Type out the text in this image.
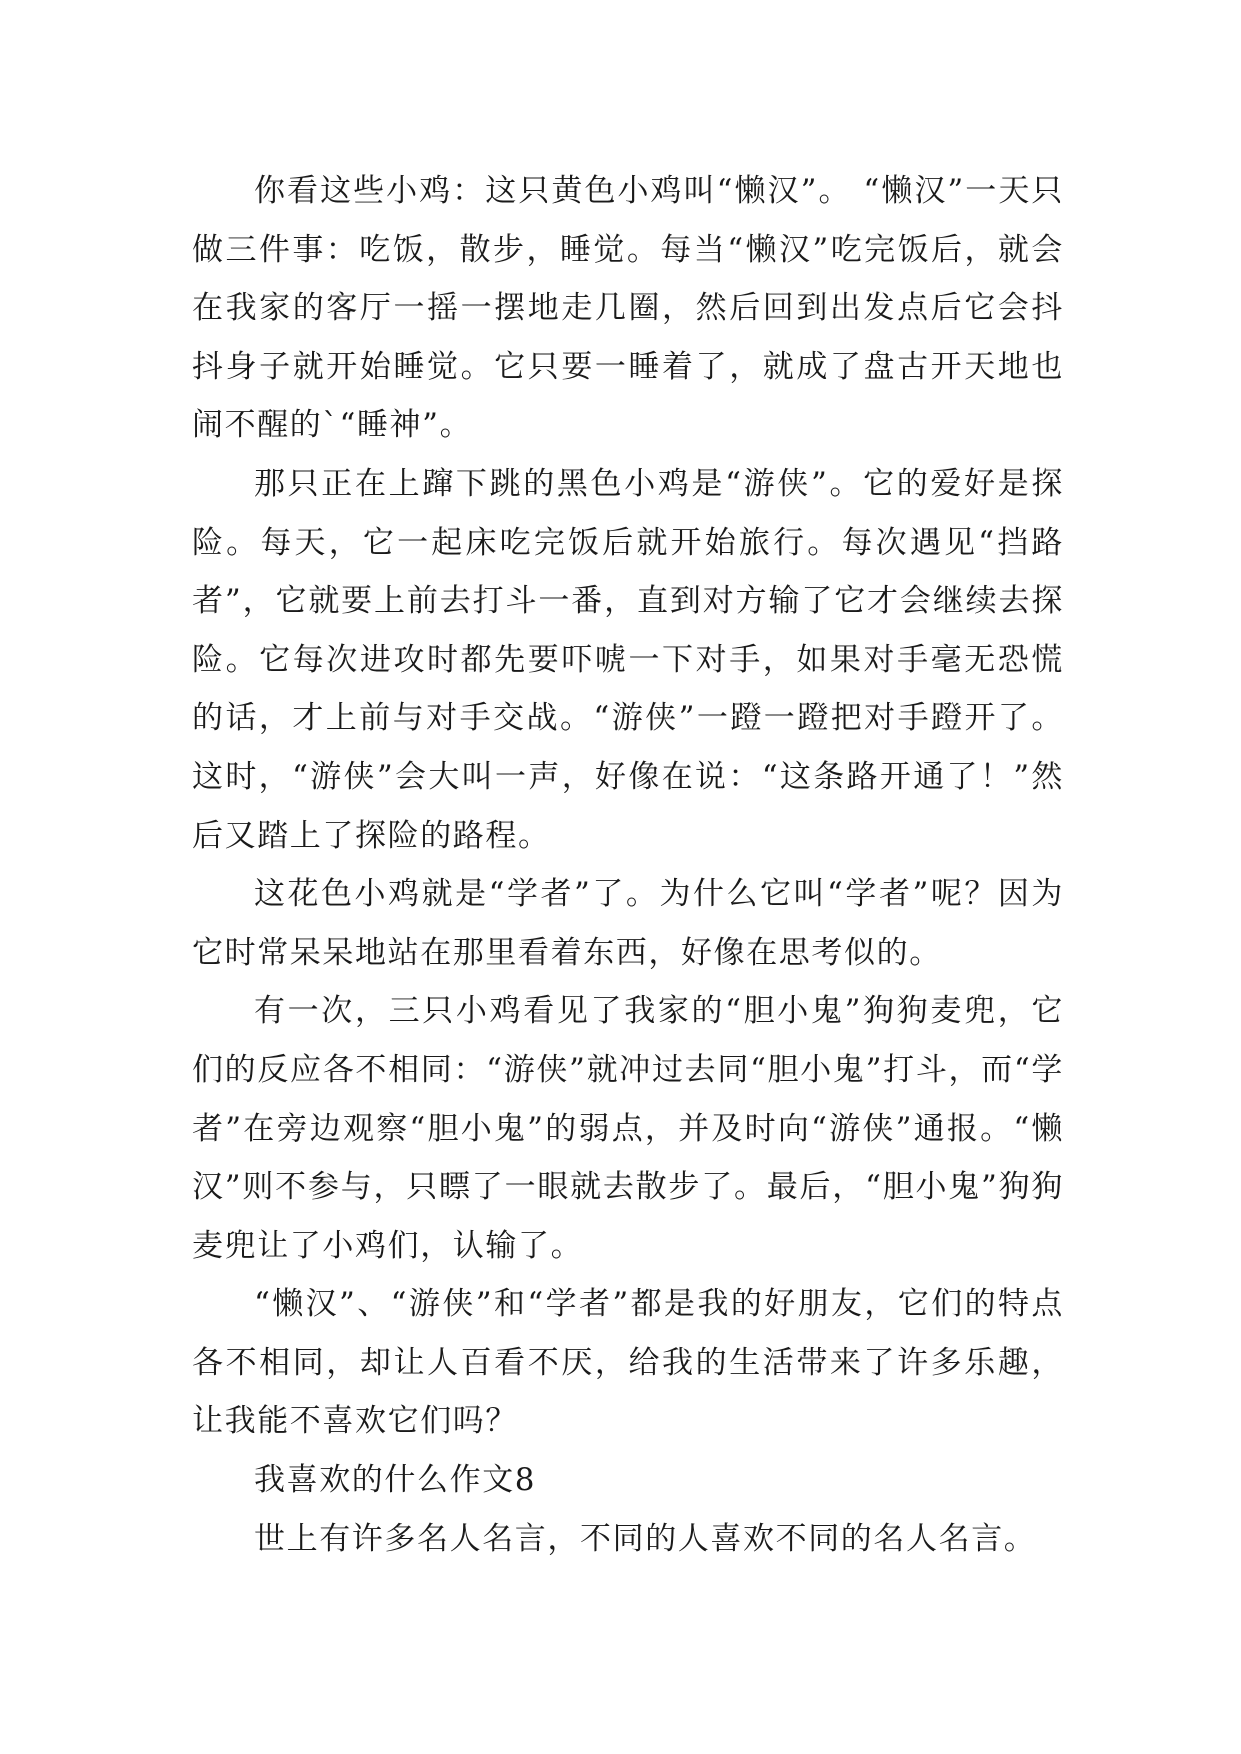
你看这些小鸡：这只黄色小鸡叫“懒汉”。 “懒汉”一天只做三件事：吃饭，散步，睡觉。每当“懒汉”吃完饭后，就会在我家的客厅一摇一摆地走几圈，然后回到出发点后它会抖抖身子就开始睡觉。它只要一睡着了，就成了盘古开天地也闹不醒的`“睡神”。

那只正在上蹿下跳的黑色小鸡是“游侠”。它的爱好是探险。每天，它一起床吃完饭后就开始旅行。每次遇见“挡路者”，它就要上前去打斗一番，直到对方输了它才会继续去探险。它每次进攻时都先要吓唬一下对手，如果对手毫无恐慌的话，才上前与对手交战。“游侠”一蹬一蹬把对手蹬开了。这时，“游侠”会大叫一声，好像在说：“这条路开通了！”然后又踏上了探险的路程。

这花色小鸡就是“学者”了。为什么它叫“学者”呢？因为它时常呆呆地站在那里看着东西，好像在思考似的。

有一次，三只小鸡看见了我家的“胆小鬼”狗狗麦兜，它们的反应各不相同：“游侠”就冲过去同“胆小鬼”打斗，而“学者”在旁边观察“胆小鬼”的弱点，并及时向“游侠”通报。“懒汉”则不参与，只瞟了一眼就去散步了。最后，“胆小鬼”狗狗麦兜让了小鸡们，认输了。

“懒汉”、“游侠”和“学者”都是我的好朋友，它们的特点各不相同，却让人百看不厌，给我的生活带来了许多乐趣，让我能不喜欢它们吗？

我喜欢的什么作文8

世上有许多名人名言，不同的人喜欢不同的名人名言。
